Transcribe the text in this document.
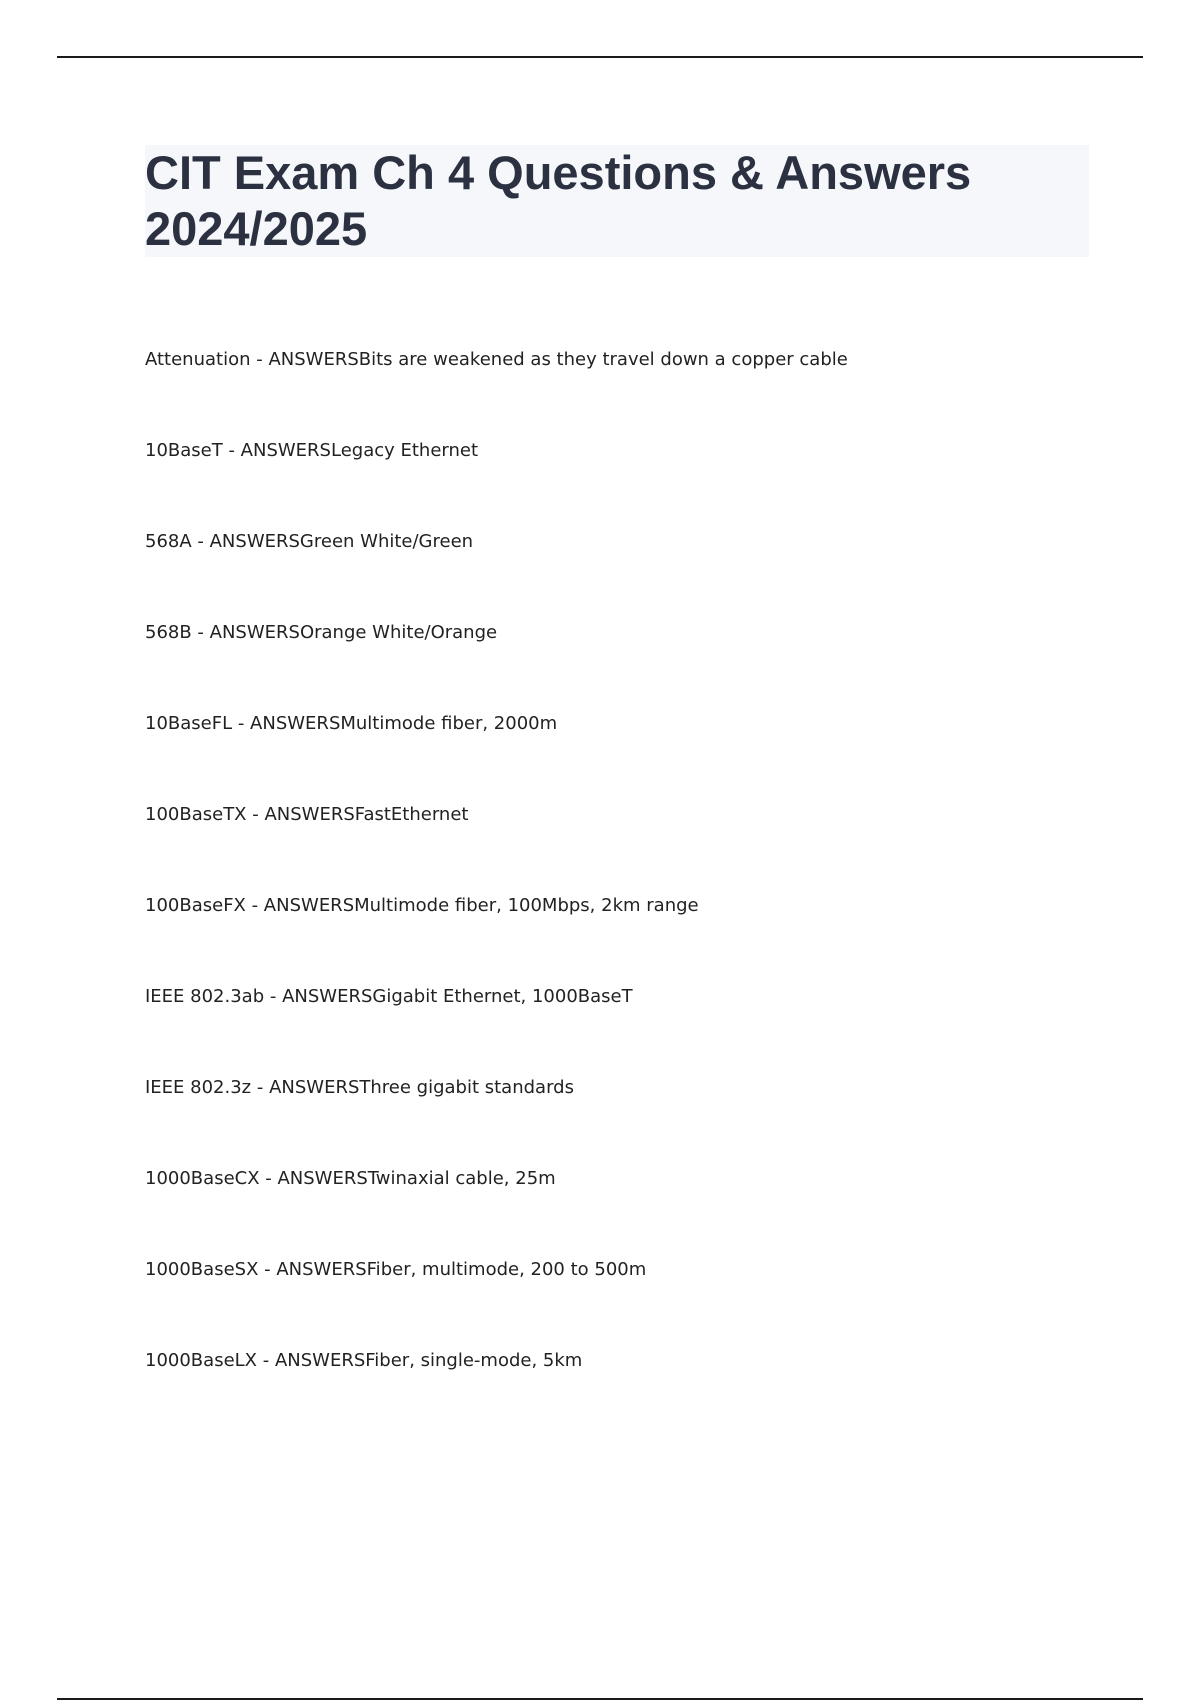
CIT Exam Ch 4 Questions & Answers 2024/2025
Attenuation - ANSWERSBits are weakened as they travel down a copper cable
10BaseT - ANSWERSLegacy Ethernet
568A - ANSWERSGreen White/Green
568B - ANSWERSOrange White/Orange
10BaseFL - ANSWERSMultimode fiber, 2000m
100BaseTX - ANSWERSFastEthernet
100BaseFX - ANSWERSMultimode fiber, 100Mbps, 2km range
IEEE 802.3ab - ANSWERSGigabit Ethernet, 1000BaseT
IEEE 802.3z - ANSWERSThree gigabit standards
1000BaseCX - ANSWERSTwinaxial cable, 25m
1000BaseSX - ANSWERSFiber, multimode, 200 to 500m
1000BaseLX - ANSWERSFiber, single-mode, 5km
